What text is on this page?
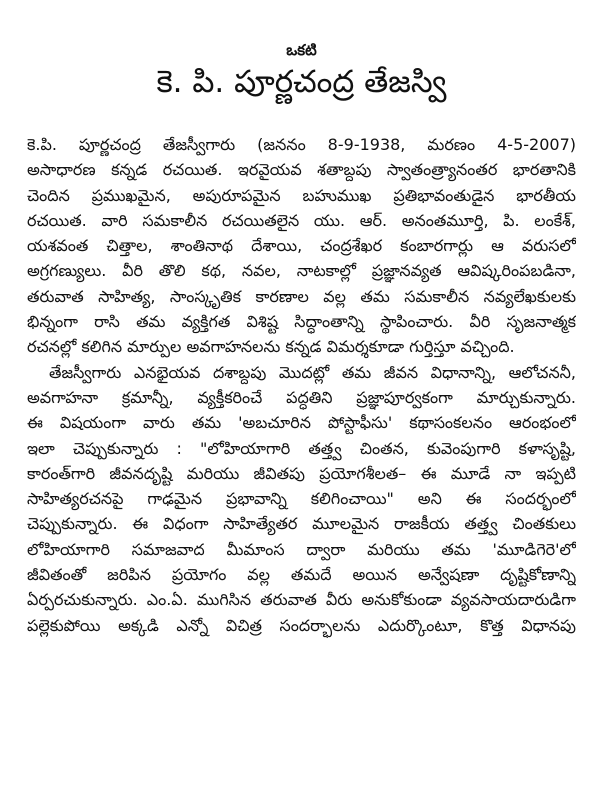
ఒకటి
కె. పి. పూర్ణచంద్ర తేజస్వి
కె.పి. పూర్ణచంద్ర తేజస్వీగారు (జననం 8-9-1938, మరణం 4-5-2007)
అసాధారణ కన్నడ రచయిత. ఇరవైయవ శతాబ్దపు స్వాతంత్ర్యానంతర భారతానికి
చెందిన ప్రముఖమైన, అపురూపమైన బహుముఖ ప్రతిభావంతుడైన భారతీయ
రచయిత. వారి సమకాలీన రచయితలైన యు. ఆర్. అనంతమూర్తి, పి. లంకేశ్,
యశవంత చిత్తాల, శాంతినాథ దేశాయి, చంద్రశేఖర కంబారగార్లు ఆ వరుసలో
అగ్రగణ్యులు. వీరి తొలి కథ, నవల, నాటకాల్లో ప్రజ్ఞానవ్యత ఆవిష్కరింపబడినా,
తరువాత సాహిత్య, సాంస్కృతిక కారణాల వల్ల తమ సమకాలీన నవ్యలేఖకులకు
భిన్నంగా రాసి తమ వ్యక్తిగత విశిష్ట సిద్ధాంతాన్ని స్థాపించారు. వీరి సృజనాత్మక
రచనల్లో కలిగిన మార్పుల అవగాహనలను కన్నడ విమర్శకూడా గుర్తిస్తూ వచ్చింది.
తేజస్వీగారు ఎనభైయవ దశాబ్దపు మొదట్లో తమ జీవన విధానాన్ని, ఆలోచననీ,
అవగాహనా క్రమాన్నీ, వ్యక్తీకరించే పద్ధతిని ప్రజ్ఞాపూర్వకంగా మార్చుకున్నారు.
ఈ విషయంగా వారు తమ 'అబచూరిన పోస్టాఫీసు' కథాసంకలనం ఆరంభంలో
ఇలా చెప్పుకున్నారు : "లోహియాగారి తత్త్వ చింతన, కువెంపుగారి కళాసృష్టి,
కారంత్‌గారి జీవనదృష్టి మరియు జీవితపు ప్రయోగశీలత– ఈ మూడే నా ఇప్పటి
సాహిత్యరచనపై గాఢమైన ప్రభావాన్ని కలిగించాయి" అని ఈ సందర్భంలో
చెప్పుకున్నారు. ఈ విధంగా సాహిత్యేతర మూలమైన రాజకీయ తత్త్వ చింతకులు
లోహియాగారి సమాజవాద మీమాంస ద్వారా మరియు తమ 'మూడిగెరె'లో
జీవితంతో జరిపిన ప్రయోగం వల్ల తమదే అయిన అన్వేషణా దృష్టికోణాన్ని
ఏర్పరచుకున్నారు. ఎం.ఏ. ముగిసిన తరువాత వీరు అనుకోకుండా వ్యవసాయదారుడిగా
పల్లెకుపోయి అక్కడి ఎన్నో విచిత్ర సందర్భాలను ఎదుర్కొంటూ, కొత్త విధానపు
